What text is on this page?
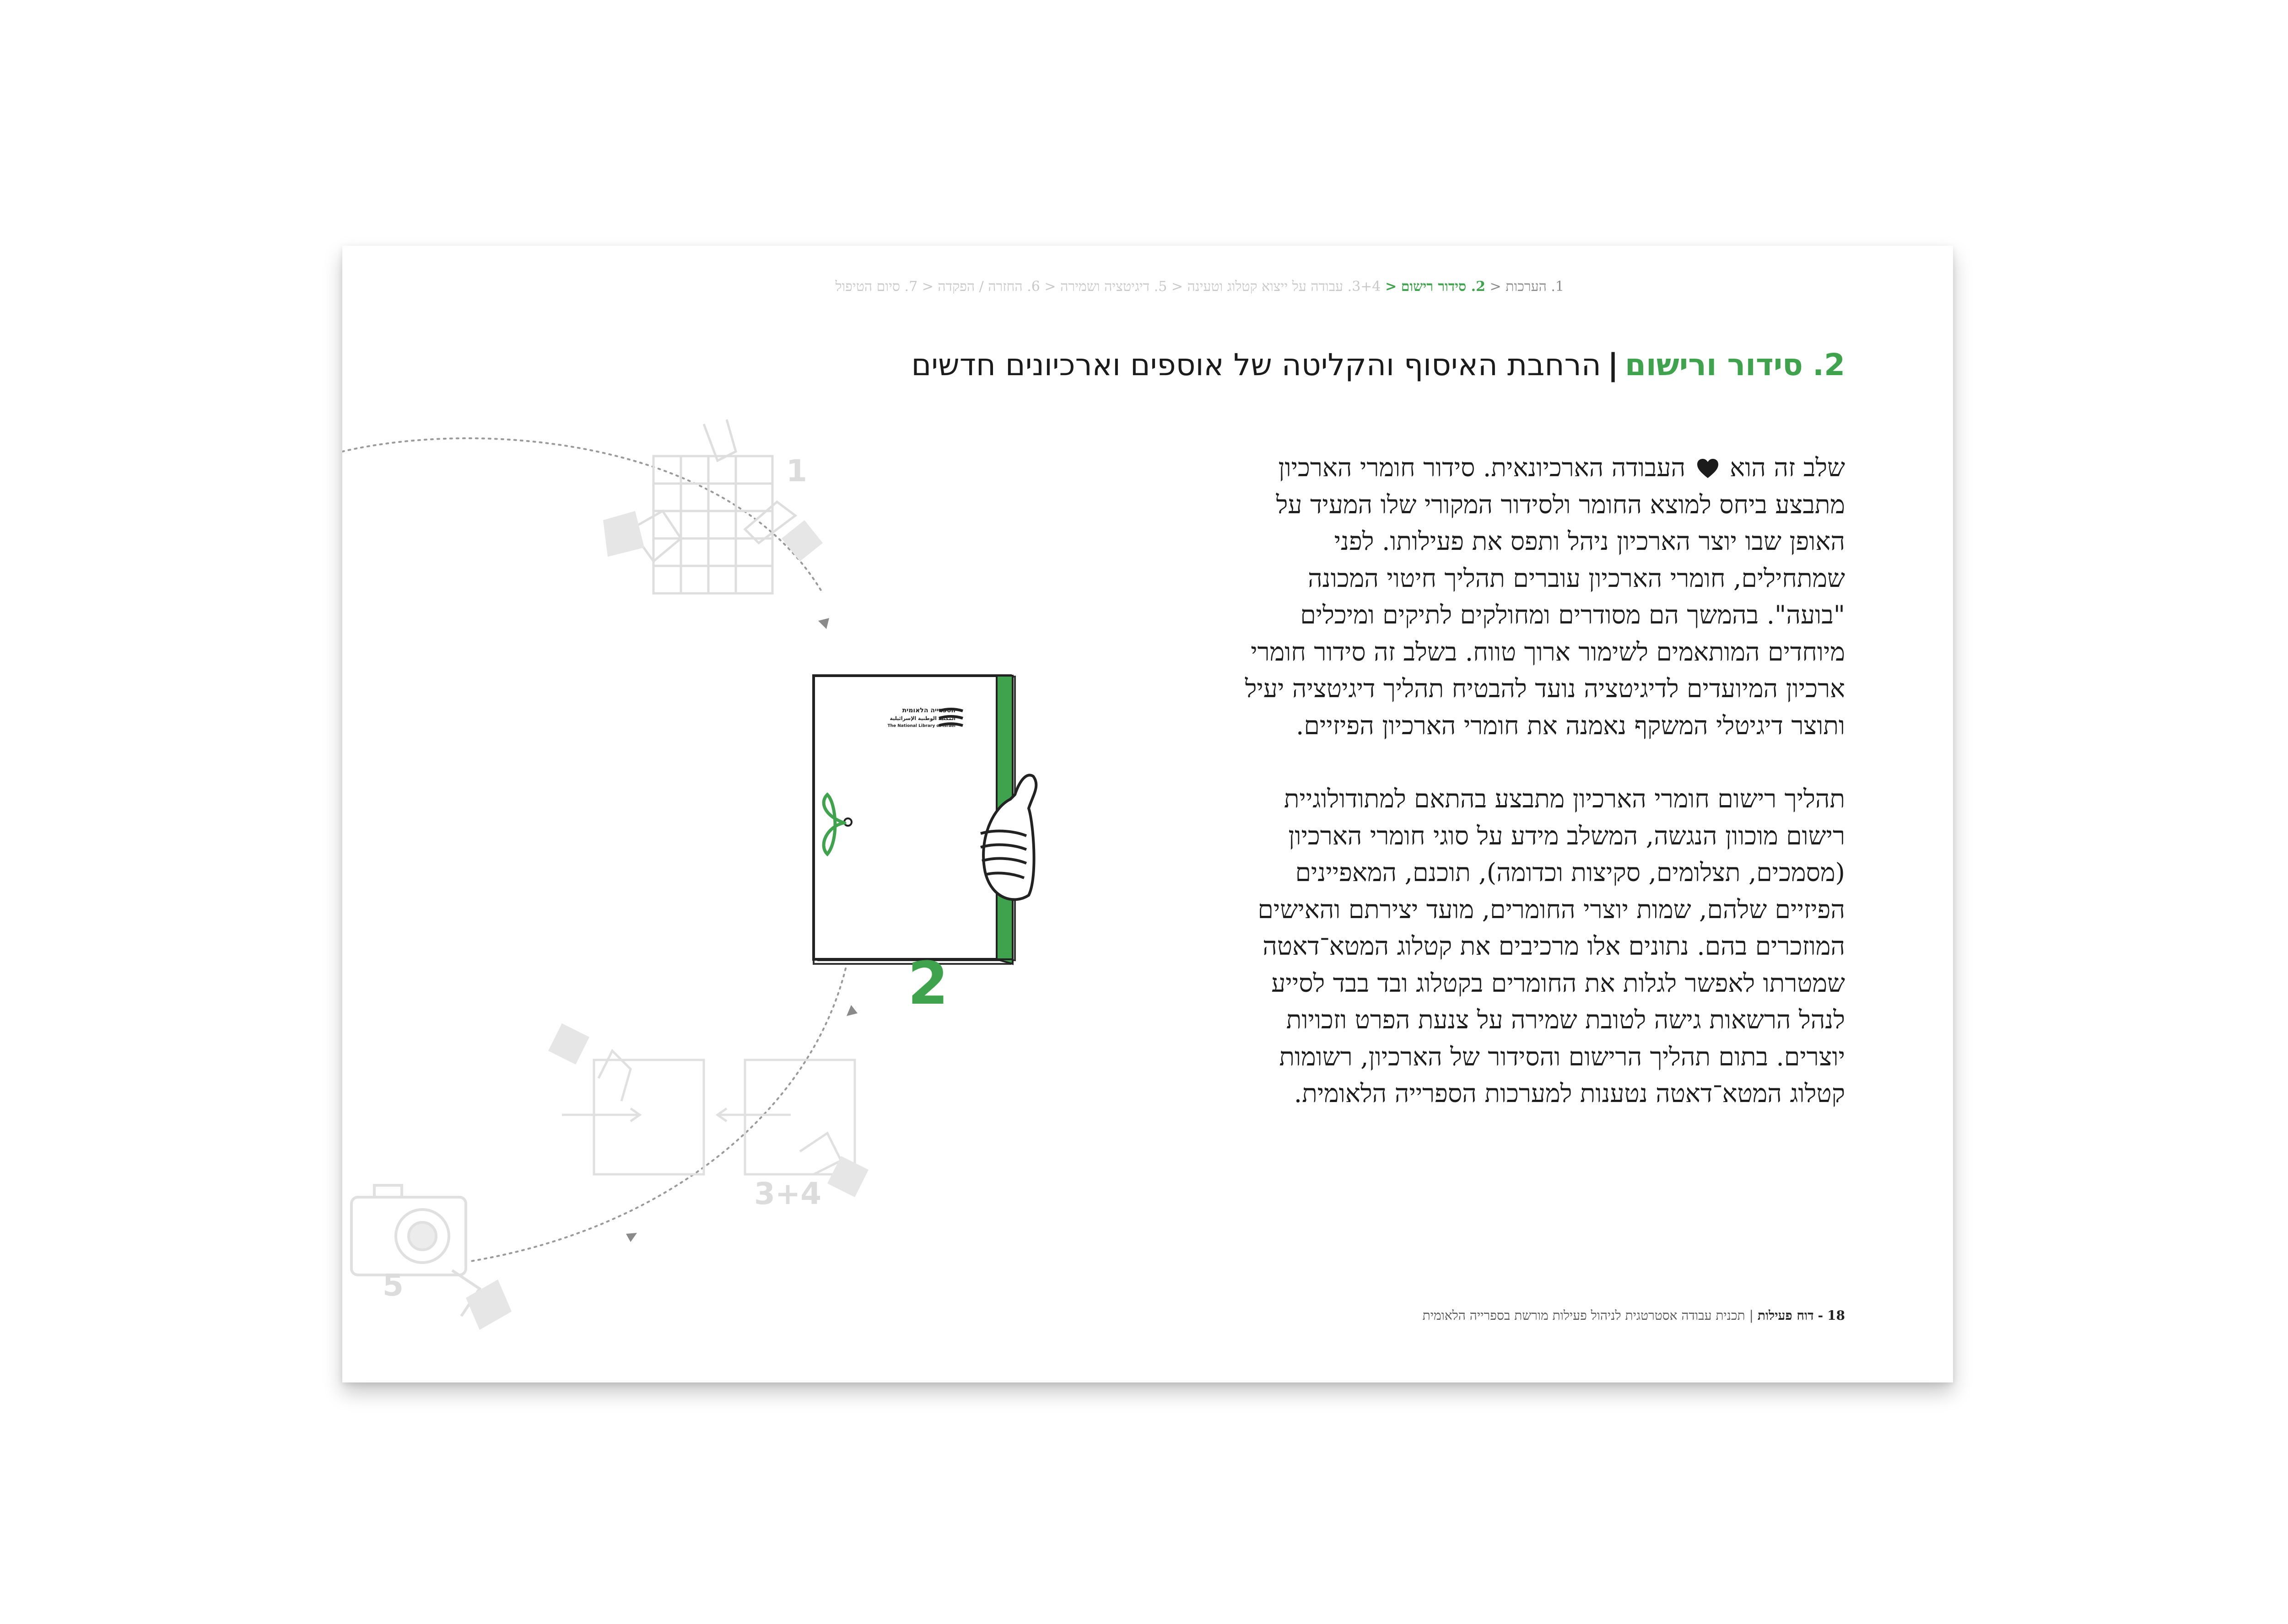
הספרייה הלאומית
المكتبة الوطنية الإسرائيلية
The National Library of Israel
2
1
3+4
5
1. הערכות < 2. סידור רישום < 3+4. עבודה על ייצוא קטלוג וטעינה < 5. דיגיטציה ושמירה < 6. החזרה / הפקדה < 7. סיום הטיפול
2. סידור ורישום|הרחבת האיסוף והקליטה של אוספים וארכיונים חדשים

שלב זה הוא  העבודה הארכיונאית. סידור חומרי הארכיון מתבצע ביחס למוצא החומר ולסידור המקורי שלו המעיד על האופן שבו יוצר הארכיון ניהל ותפס את פעילותו. לפני שמתחילים, חומרי הארכיון עוברים תהליך חיטוי המכונה "בועה". בהמשך הם מסודרים ומחולקים לתיקים ומיכלים מיוחדים המותאמים לשימור ארוך טווח. בשלב זה סידור חומרי ארכיון המיועדים לדיגיטציה נועד להבטיח תהליך דיגיטציה יעיל ותוצר דיגיטלי המשקף נאמנה את חומרי הארכיון הפיזיים.

תהליך רישום חומרי הארכיון מתבצע בהתאם למתודולוגיית רישום מוכוון הנגשה, המשלב מידע על סוגי חומרי הארכיון (מסמכים, תצלומים, סקיצות וכדומה), תוכנם, המאפיינים הפיזיים שלהם, שמות יוצרי החומרים, מועד יצירתם והאישים המוזכרים בהם. נתונים אלו מרכיבים את קטלוג המטא־דאטה שמטרתו לאפשר לגלות את החומרים בקטלוג ובד בבד לסייע לנהל הרשאות גישה לטובת שמירה על צנעת הפרט וזכויות יוצרים. בתום תהליך הרישום והסידור של הארכיון, רשומות קטלוג המטא־דאטה נטענות למערכות הספרייה הלאומית.

18 - דוח פעילות | תכנית עבודה אסטרטגית לניהול פעילות מורשת בספרייה הלאומית
